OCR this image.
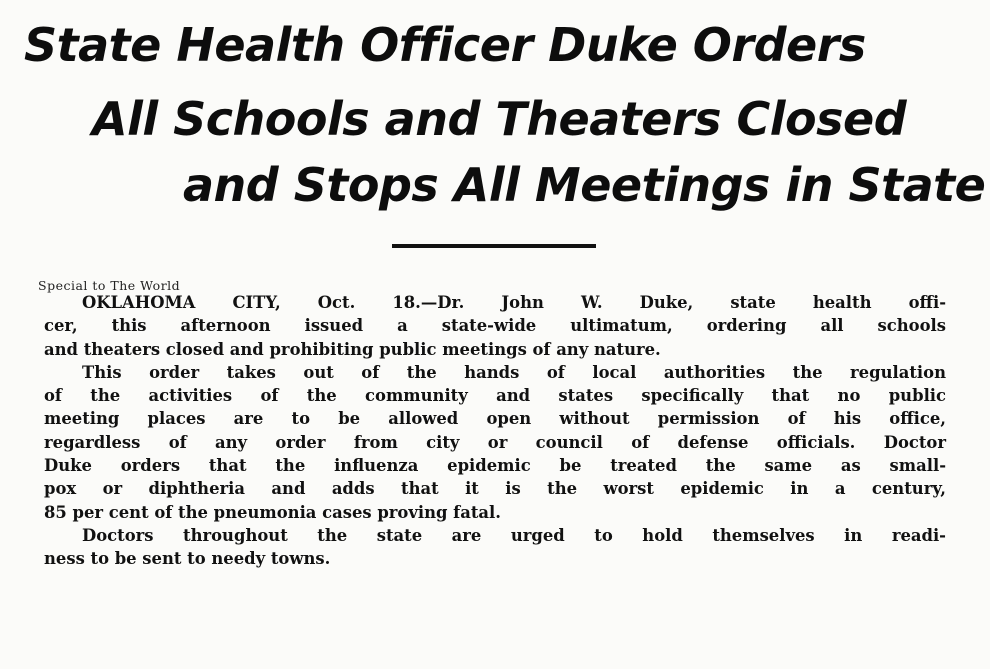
State Health Officer Duke Orders
All Schools and Theaters Closed
and Stops All Meetings in State
Special to The World
OKLAHOMA CITY, Oct. 18.—Dr. John W. Duke, state health offi-
cer, this afternoon issued a state-wide ultimatum, ordering all schools
and theaters closed and prohibiting public meetings of any nature.
This order takes out of the hands of local authorities the regulation
of the activities of the community and states specifically that no public
meeting places are to be allowed open without permission of his office,
regardless of any order from city or council of defense officials. Doctor
Duke orders that the influenza epidemic be treated the same as small-
pox or diphtheria and adds that it is the worst epidemic in a century,
85 per cent of the pneumonia cases proving fatal.
Doctors throughout the state are urged to hold themselves in readi-
ness to be sent to needy towns.
